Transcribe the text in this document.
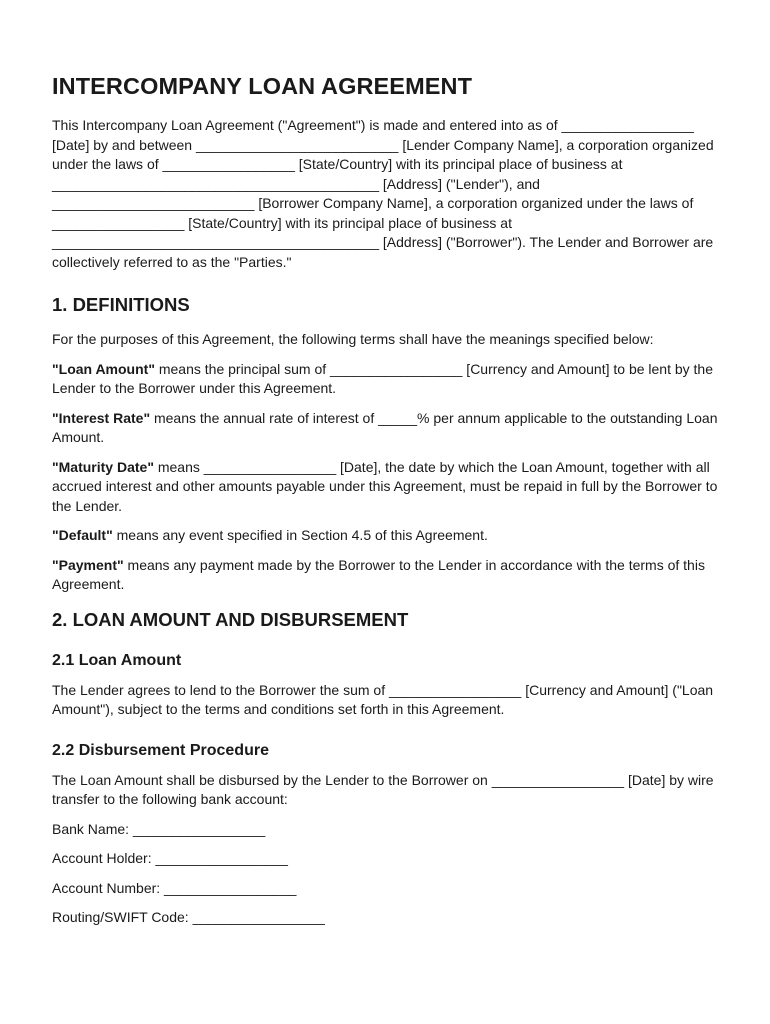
INTERCOMPANY LOAN AGREEMENT

This Intercompany Loan Agreement ("Agreement") is made and entered into as of _________________ [Date] by and between __________________________ [Lender Company Name], a corporation organized under the laws of _________________ [State/Country] with its principal place of business at __________________________________________ [Address] ("Lender"), and __________________________ [Borrower Company Name], a corporation organized under the laws of _________________ [State/Country] with its principal place of business at __________________________________________ [Address] ("Borrower"). The Lender and Borrower are collectively referred to as the "Parties."

1. DEFINITIONS

For the purposes of this Agreement, the following terms shall have the meanings specified below:

"Loan Amount" means the principal sum of _________________ [Currency and Amount] to be lent by the Lender to the Borrower under this Agreement.

"Interest Rate" means the annual rate of interest of _____% per annum applicable to the outstanding Loan Amount.

"Maturity Date" means _________________ [Date], the date by which the Loan Amount, together with all accrued interest and other amounts payable under this Agreement, must be repaid in full by the Borrower to the Lender.

"Default" means any event specified in Section 4.5 of this Agreement.

"Payment" means any payment made by the Borrower to the Lender in accordance with the terms of this Agreement.

2. LOAN AMOUNT AND DISBURSEMENT
2.1 Loan Amount

The Lender agrees to lend to the Borrower the sum of _________________ [Currency and Amount] ("Loan Amount"), subject to the terms and conditions set forth in this Agreement.

2.2 Disbursement Procedure

The Loan Amount shall be disbursed by the Lender to the Borrower on _________________ [Date] by wire transfer to the following bank account:

Bank Name: _________________

Account Holder: _________________

Account Number: _________________

Routing/SWIFT Code: _________________
